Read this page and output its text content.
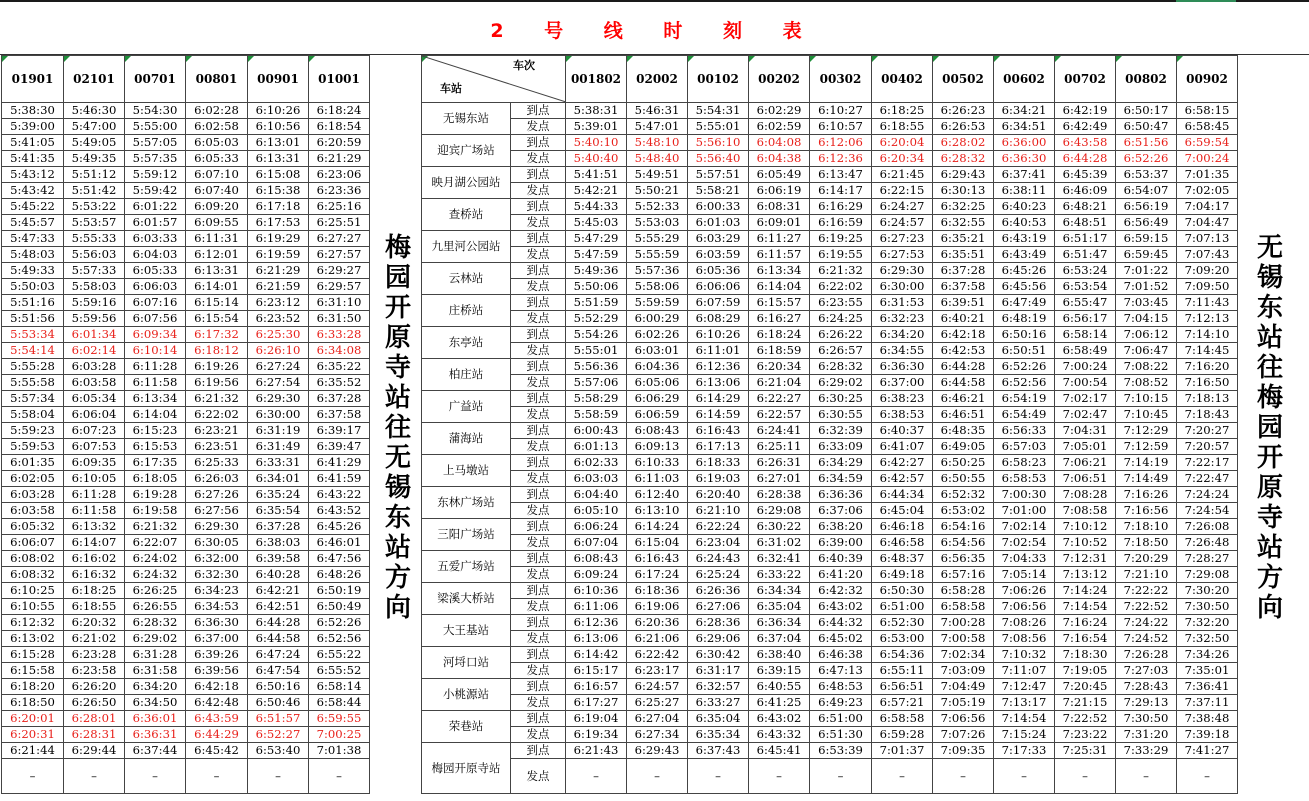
2 号 线 时 刻 表
01901	02101	00701	00801	00901	01001
5:38:30	5:46:30	5:54:30	6:02:28	6:10:26	6:18:24
5:39:00	5:47:00	5:55:00	6:02:58	6:10:56	6:18:54
5:41:05	5:49:05	5:57:05	6:05:03	6:13:01	6:20:59
5:41:35	5:49:35	5:57:35	6:05:33	6:13:31	6:21:29
5:43:12	5:51:12	5:59:12	6:07:10	6:15:08	6:23:06
5:43:42	5:51:42	5:59:42	6:07:40	6:15:38	6:23:36
5:45:22	5:53:22	6:01:22	6:09:20	6:17:18	6:25:16
5:45:57	5:53:57	6:01:57	6:09:55	6:17:53	6:25:51
5:47:33	5:55:33	6:03:33	6:11:31	6:19:29	6:27:27
5:48:03	5:56:03	6:04:03	6:12:01	6:19:59	6:27:57
5:49:33	5:57:33	6:05:33	6:13:31	6:21:29	6:29:27
5:50:03	5:58:03	6:06:03	6:14:01	6:21:59	6:29:57
5:51:16	5:59:16	6:07:16	6:15:14	6:23:12	6:31:10
5:51:56	5:59:56	6:07:56	6:15:54	6:23:52	6:31:50
5:53:34	6:01:34	6:09:34	6:17:32	6:25:30	6:33:28
5:54:14	6:02:14	6:10:14	6:18:12	6:26:10	6:34:08
5:55:28	6:03:28	6:11:28	6:19:26	6:27:24	6:35:22
5:55:58	6:03:58	6:11:58	6:19:56	6:27:54	6:35:52
5:57:34	6:05:34	6:13:34	6:21:32	6:29:30	6:37:28
5:58:04	6:06:04	6:14:04	6:22:02	6:30:00	6:37:58
5:59:23	6:07:23	6:15:23	6:23:21	6:31:19	6:39:17
5:59:53	6:07:53	6:15:53	6:23:51	6:31:49	6:39:47
6:01:35	6:09:35	6:17:35	6:25:33	6:33:31	6:41:29
6:02:05	6:10:05	6:18:05	6:26:03	6:34:01	6:41:59
6:03:28	6:11:28	6:19:28	6:27:26	6:35:24	6:43:22
6:03:58	6:11:58	6:19:58	6:27:56	6:35:54	6:43:52
6:05:32	6:13:32	6:21:32	6:29:30	6:37:28	6:45:26
6:06:07	6:14:07	6:22:07	6:30:05	6:38:03	6:46:01
6:08:02	6:16:02	6:24:02	6:32:00	6:39:58	6:47:56
6:08:32	6:16:32	6:24:32	6:32:30	6:40:28	6:48:26
6:10:25	6:18:25	6:26:25	6:34:23	6:42:21	6:50:19
6:10:55	6:18:55	6:26:55	6:34:53	6:42:51	6:50:49
6:12:32	6:20:32	6:28:32	6:36:30	6:44:28	6:52:26
6:13:02	6:21:02	6:29:02	6:37:00	6:44:58	6:52:56
6:15:28	6:23:28	6:31:28	6:39:26	6:47:24	6:55:22
6:15:58	6:23:58	6:31:58	6:39:56	6:47:54	6:55:52
6:18:20	6:26:20	6:34:20	6:42:18	6:50:16	6:58:14
6:18:50	6:26:50	6:34:50	6:42:48	6:50:46	6:58:44
6:20:01	6:28:01	6:36:01	6:43:59	6:51:57	6:59:55
6:20:31	6:28:31	6:36:31	6:44:29	6:52:27	7:00:25
6:21:44	6:29:44	6:37:44	6:45:42	6:53:40	7:01:38
–	–	–	–	–	–
梅园开原寺站往无锡东站方向
车次
车站		001802	02002	00102	00202	00302	00402	00502	00602	00702	00802	00902
无锡东站	到点	5:38:31	5:46:31	5:54:31	6:02:29	6:10:27	6:18:25	6:26:23	6:34:21	6:42:19	6:50:17	6:58:15
	发点	5:39:01	5:47:01	5:55:01	6:02:59	6:10:57	6:18:55	6:26:53	6:34:51	6:42:49	6:50:47	6:58:45
迎宾广场站	到点	5:40:10	5:48:10	5:56:10	6:04:08	6:12:06	6:20:04	6:28:02	6:36:00	6:43:58	6:51:56	6:59:54
	发点	5:40:40	5:48:40	5:56:40	6:04:38	6:12:36	6:20:34	6:28:32	6:36:30	6:44:28	6:52:26	7:00:24
映月湖公园站	到点	5:41:51	5:49:51	5:57:51	6:05:49	6:13:47	6:21:45	6:29:43	6:37:41	6:45:39	6:53:37	7:01:35
	发点	5:42:21	5:50:21	5:58:21	6:06:19	6:14:17	6:22:15	6:30:13	6:38:11	6:46:09	6:54:07	7:02:05
查桥站	到点	5:44:33	5:52:33	6:00:33	6:08:31	6:16:29	6:24:27	6:32:25	6:40:23	6:48:21	6:56:19	7:04:17
	发点	5:45:03	5:53:03	6:01:03	6:09:01	6:16:59	6:24:57	6:32:55	6:40:53	6:48:51	6:56:49	7:04:47
九里河公园站	到点	5:47:29	5:55:29	6:03:29	6:11:27	6:19:25	6:27:23	6:35:21	6:43:19	6:51:17	6:59:15	7:07:13
	发点	5:47:59	5:55:59	6:03:59	6:11:57	6:19:55	6:27:53	6:35:51	6:43:49	6:51:47	6:59:45	7:07:43
云林站	到点	5:49:36	5:57:36	6:05:36	6:13:34	6:21:32	6:29:30	6:37:28	6:45:26	6:53:24	7:01:22	7:09:20
	发点	5:50:06	5:58:06	6:06:06	6:14:04	6:22:02	6:30:00	6:37:58	6:45:56	6:53:54	7:01:52	7:09:50
庄桥站	到点	5:51:59	5:59:59	6:07:59	6:15:57	6:23:55	6:31:53	6:39:51	6:47:49	6:55:47	7:03:45	7:11:43
	发点	5:52:29	6:00:29	6:08:29	6:16:27	6:24:25	6:32:23	6:40:21	6:48:19	6:56:17	7:04:15	7:12:13
东亭站	到点	5:54:26	6:02:26	6:10:26	6:18:24	6:26:22	6:34:20	6:42:18	6:50:16	6:58:14	7:06:12	7:14:10
	发点	5:55:01	6:03:01	6:11:01	6:18:59	6:26:57	6:34:55	6:42:53	6:50:51	6:58:49	7:06:47	7:14:45
柏庄站	到点	5:56:36	6:04:36	6:12:36	6:20:34	6:28:32	6:36:30	6:44:28	6:52:26	7:00:24	7:08:22	7:16:20
	发点	5:57:06	6:05:06	6:13:06	6:21:04	6:29:02	6:37:00	6:44:58	6:52:56	7:00:54	7:08:52	7:16:50
广益站	到点	5:58:29	6:06:29	6:14:29	6:22:27	6:30:25	6:38:23	6:46:21	6:54:19	7:02:17	7:10:15	7:18:13
	发点	5:58:59	6:06:59	6:14:59	6:22:57	6:30:55	6:38:53	6:46:51	6:54:49	7:02:47	7:10:45	7:18:43
蒲海站	到点	6:00:43	6:08:43	6:16:43	6:24:41	6:32:39	6:40:37	6:48:35	6:56:33	7:04:31	7:12:29	7:20:27
	发点	6:01:13	6:09:13	6:17:13	6:25:11	6:33:09	6:41:07	6:49:05	6:57:03	7:05:01	7:12:59	7:20:57
上马墩站	到点	6:02:33	6:10:33	6:18:33	6:26:31	6:34:29	6:42:27	6:50:25	6:58:23	7:06:21	7:14:19	7:22:17
	发点	6:03:03	6:11:03	6:19:03	6:27:01	6:34:59	6:42:57	6:50:55	6:58:53	7:06:51	7:14:49	7:22:47
东林广场站	到点	6:04:40	6:12:40	6:20:40	6:28:38	6:36:36	6:44:34	6:52:32	7:00:30	7:08:28	7:16:26	7:24:24
	发点	6:05:10	6:13:10	6:21:10	6:29:08	6:37:06	6:45:04	6:53:02	7:01:00	7:08:58	7:16:56	7:24:54
三阳广场站	到点	6:06:24	6:14:24	6:22:24	6:30:22	6:38:20	6:46:18	6:54:16	7:02:14	7:10:12	7:18:10	7:26:08
	发点	6:07:04	6:15:04	6:23:04	6:31:02	6:39:00	6:46:58	6:54:56	7:02:54	7:10:52	7:18:50	7:26:48
五爱广场站	到点	6:08:43	6:16:43	6:24:43	6:32:41	6:40:39	6:48:37	6:56:35	7:04:33	7:12:31	7:20:29	7:28:27
	发点	6:09:24	6:17:24	6:25:24	6:33:22	6:41:20	6:49:18	6:57:16	7:05:14	7:13:12	7:21:10	7:29:08
梁溪大桥站	到点	6:10:36	6:18:36	6:26:36	6:34:34	6:42:32	6:50:30	6:58:28	7:06:26	7:14:24	7:22:22	7:30:20
	发点	6:11:06	6:19:06	6:27:06	6:35:04	6:43:02	6:51:00	6:58:58	7:06:56	7:14:54	7:22:52	7:30:50
大王基站	到点	6:12:36	6:20:36	6:28:36	6:36:34	6:44:32	6:52:30	7:00:28	7:08:26	7:16:24	7:24:22	7:32:20
	发点	6:13:06	6:21:06	6:29:06	6:37:04	6:45:02	6:53:00	7:00:58	7:08:56	7:16:54	7:24:52	7:32:50
河埒口站	到点	6:14:42	6:22:42	6:30:42	6:38:40	6:46:38	6:54:36	7:02:34	7:10:32	7:18:30	7:26:28	7:34:26
	发点	6:15:17	6:23:17	6:31:17	6:39:15	6:47:13	6:55:11	7:03:09	7:11:07	7:19:05	7:27:03	7:35:01
小桃源站	到点	6:16:57	6:24:57	6:32:57	6:40:55	6:48:53	6:56:51	7:04:49	7:12:47	7:20:45	7:28:43	7:36:41
	发点	6:17:27	6:25:27	6:33:27	6:41:25	6:49:23	6:57:21	7:05:19	7:13:17	7:21:15	7:29:13	7:37:11
荣巷站	到点	6:19:04	6:27:04	6:35:04	6:43:02	6:51:00	6:58:58	7:06:56	7:14:54	7:22:52	7:30:50	7:38:48
	发点	6:19:34	6:27:34	6:35:34	6:43:32	6:51:30	6:59:28	7:07:26	7:15:24	7:23:22	7:31:20	7:39:18
梅园开原寺站	到点	6:21:43	6:29:43	6:37:43	6:45:41	6:53:39	7:01:37	7:09:35	7:17:33	7:25:31	7:33:29	7:41:27
	发点	–	–	–	–	–	–	–	–	–	–	–
无锡东站往梅园开原寺站方向
